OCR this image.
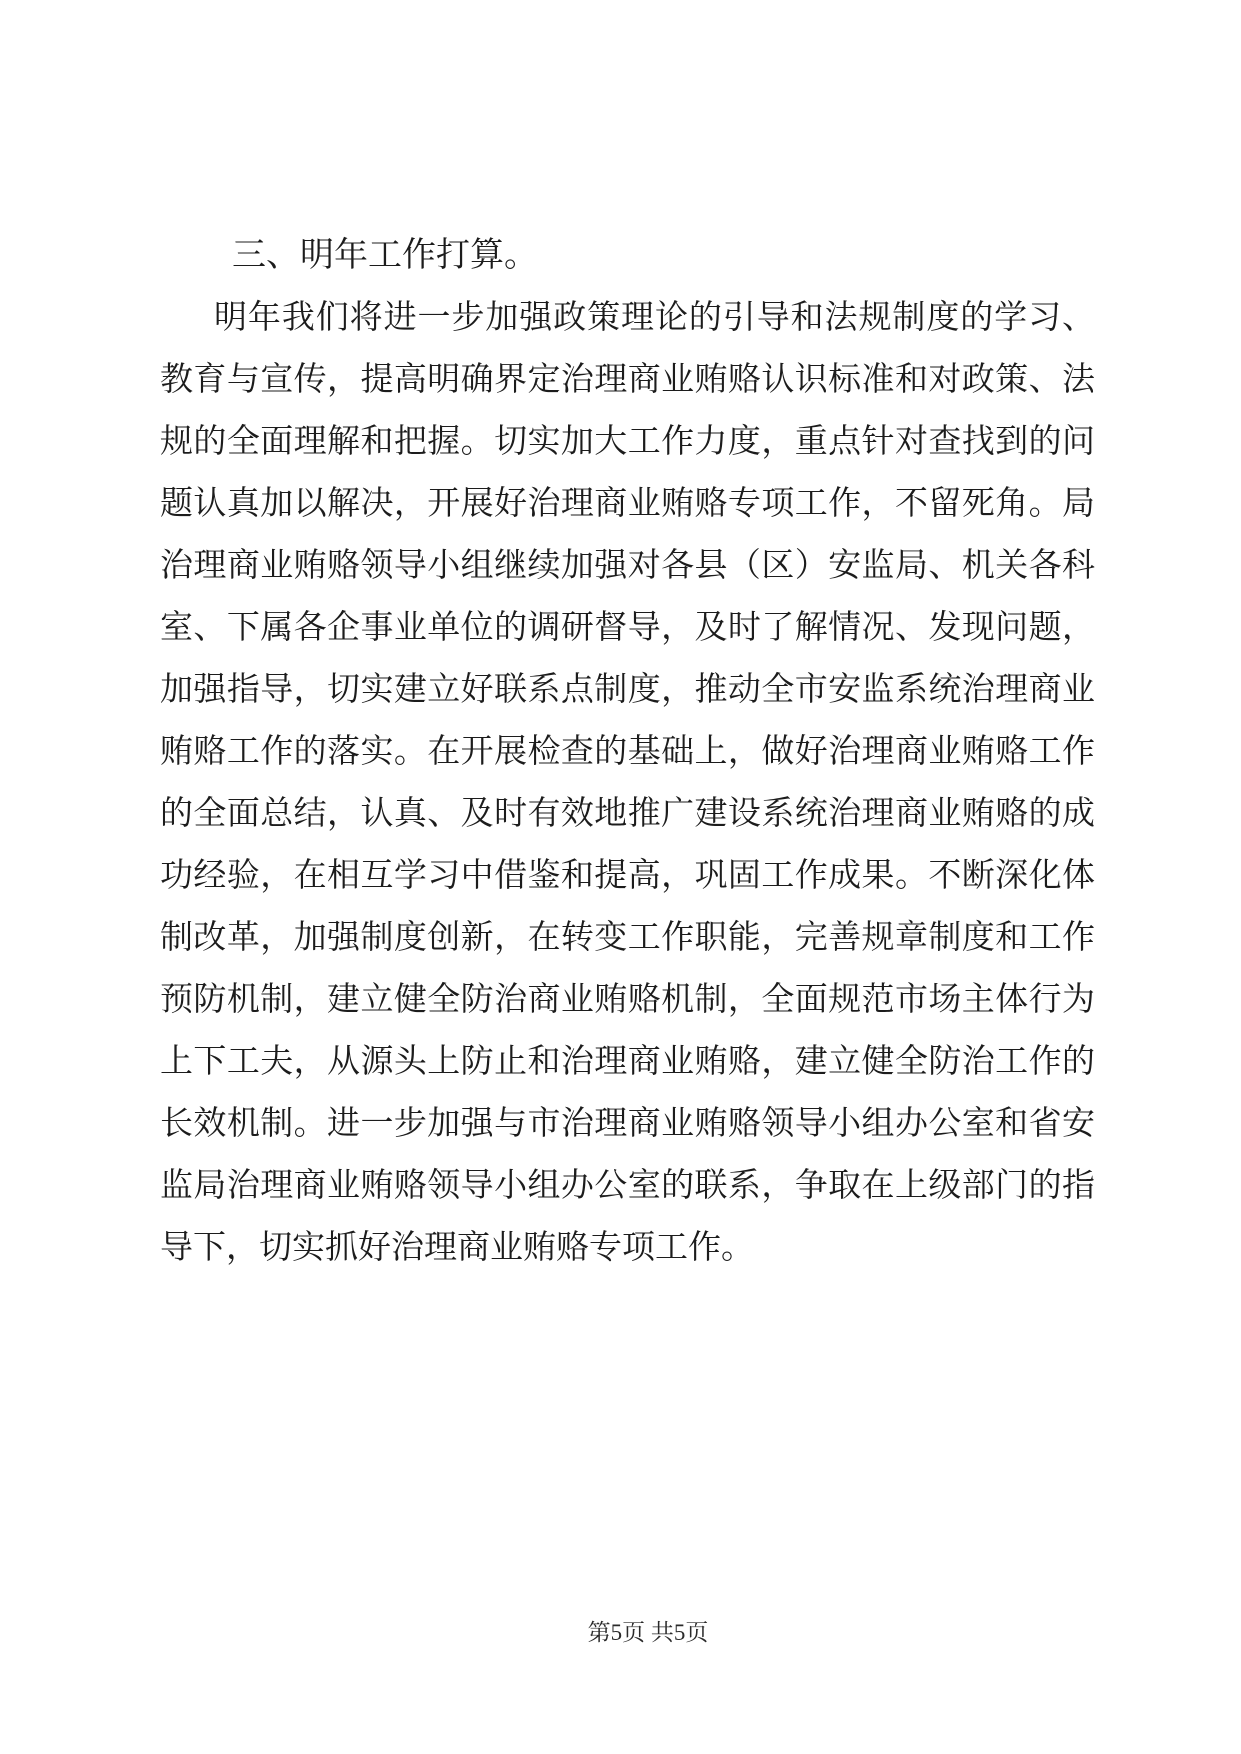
三、明年工作打算。

明年我们将进一步加强政策理论的引导和法规制度的学习、
教育与宣传，提高明确界定治理商业贿赂认识标准和对政策、法
规的全面理解和把握。切实加大工作力度，重点针对查找到的问
题认真加以解决，开展好治理商业贿赂专项工作，不留死角。局
治理商业贿赂领导小组继续加强对各县（区）安监局、机关各科
室、下属各企事业单位的调研督导，及时了解情况、发现问题，
加强指导，切实建立好联系点制度，推动全市安监系统治理商业
贿赂工作的落实。在开展检查的基础上，做好治理商业贿赂工作
的全面总结，认真、及时有效地推广建设系统治理商业贿赂的成
功经验，在相互学习中借鉴和提高，巩固工作成果。不断深化体
制改革，加强制度创新，在转变工作职能，完善规章制度和工作
预防机制，建立健全防治商业贿赂机制，全面规范市场主体行为
上下工夫，从源头上防止和治理商业贿赂，建立健全防治工作的
长效机制。进一步加强与市治理商业贿赂领导小组办公室和省安
监局治理商业贿赂领导小组办公室的联系，争取在上级部门的指
导下，切实抓好治理商业贿赂专项工作。
第5页 共5页
